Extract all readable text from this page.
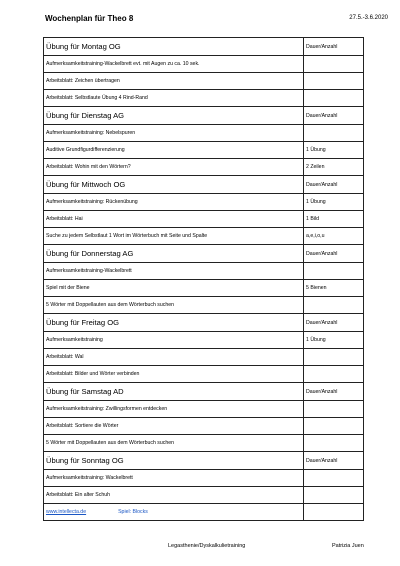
Wochenplan für Theo 8	27.5.-3.6.2020
Übung für Montag OG	Dauer/Anzahl
Aufmerksamkeitstraining-Wackelbrett evt. mit Augen zu ca. 10 sek.	
Arbeitsblatt: Zeichen übertragen	
Arbeitsblatt: Selbstlaute Übung 4 Rind-Rand	
Übung für Dienstag AG	Dauer/Anzahl
Aufmerksamkeitstraining: Nebelspuren	
Auditive Grundfigurdifferenzierung	1 Übung
Arbeitsblatt: Wohin mit den Wörtern?	2 Zeilen
Übung für Mittwoch OG	Dauer/Anzahl
Aufmerksamkeitstraining: Rückenübung	1 Übung
Arbeitsblatt: Hai	1 Bild
Suche zu jedem Selbstlaut 1 Wort im Wörterbuch mit Seite und Spalte	a,e,i,o,u
Übung für Donnerstag AG	Dauer/Anzahl
Aufmerksamkeitstraining-Wackelbrett	
Spiel mit der Biene	5 Bienen
5 Wörter mit Doppellauten aus dem Wörterbuch suchen	
Übung für Freitag OG	Dauer/Anzahl
Aufmerksamkeitstraining	1 Übung
Arbeitsblatt: Wal	
Arbeitsblatt: Bilder und Wörter verbinden	
Übung für Samstag AD	Dauer/Anzahl
Aufmerksamkeitstraining: Zwillingsformen entdecken	
Arbeitsblatt: Sortiere die Wörter	
5 Wörter mit Doppellauten aus dem Wörterbuch suchen	
Übung für Sonntag OG	Dauer/Anzahl
Aufmerksamkeitstraining: Wackelbrett	
Arbeitsblatt: Ein alter Schuh	
www.intellecta.de Spiel: Blocks	
Legasthenie/Dyskalkulietraining	Patrizia Juen
